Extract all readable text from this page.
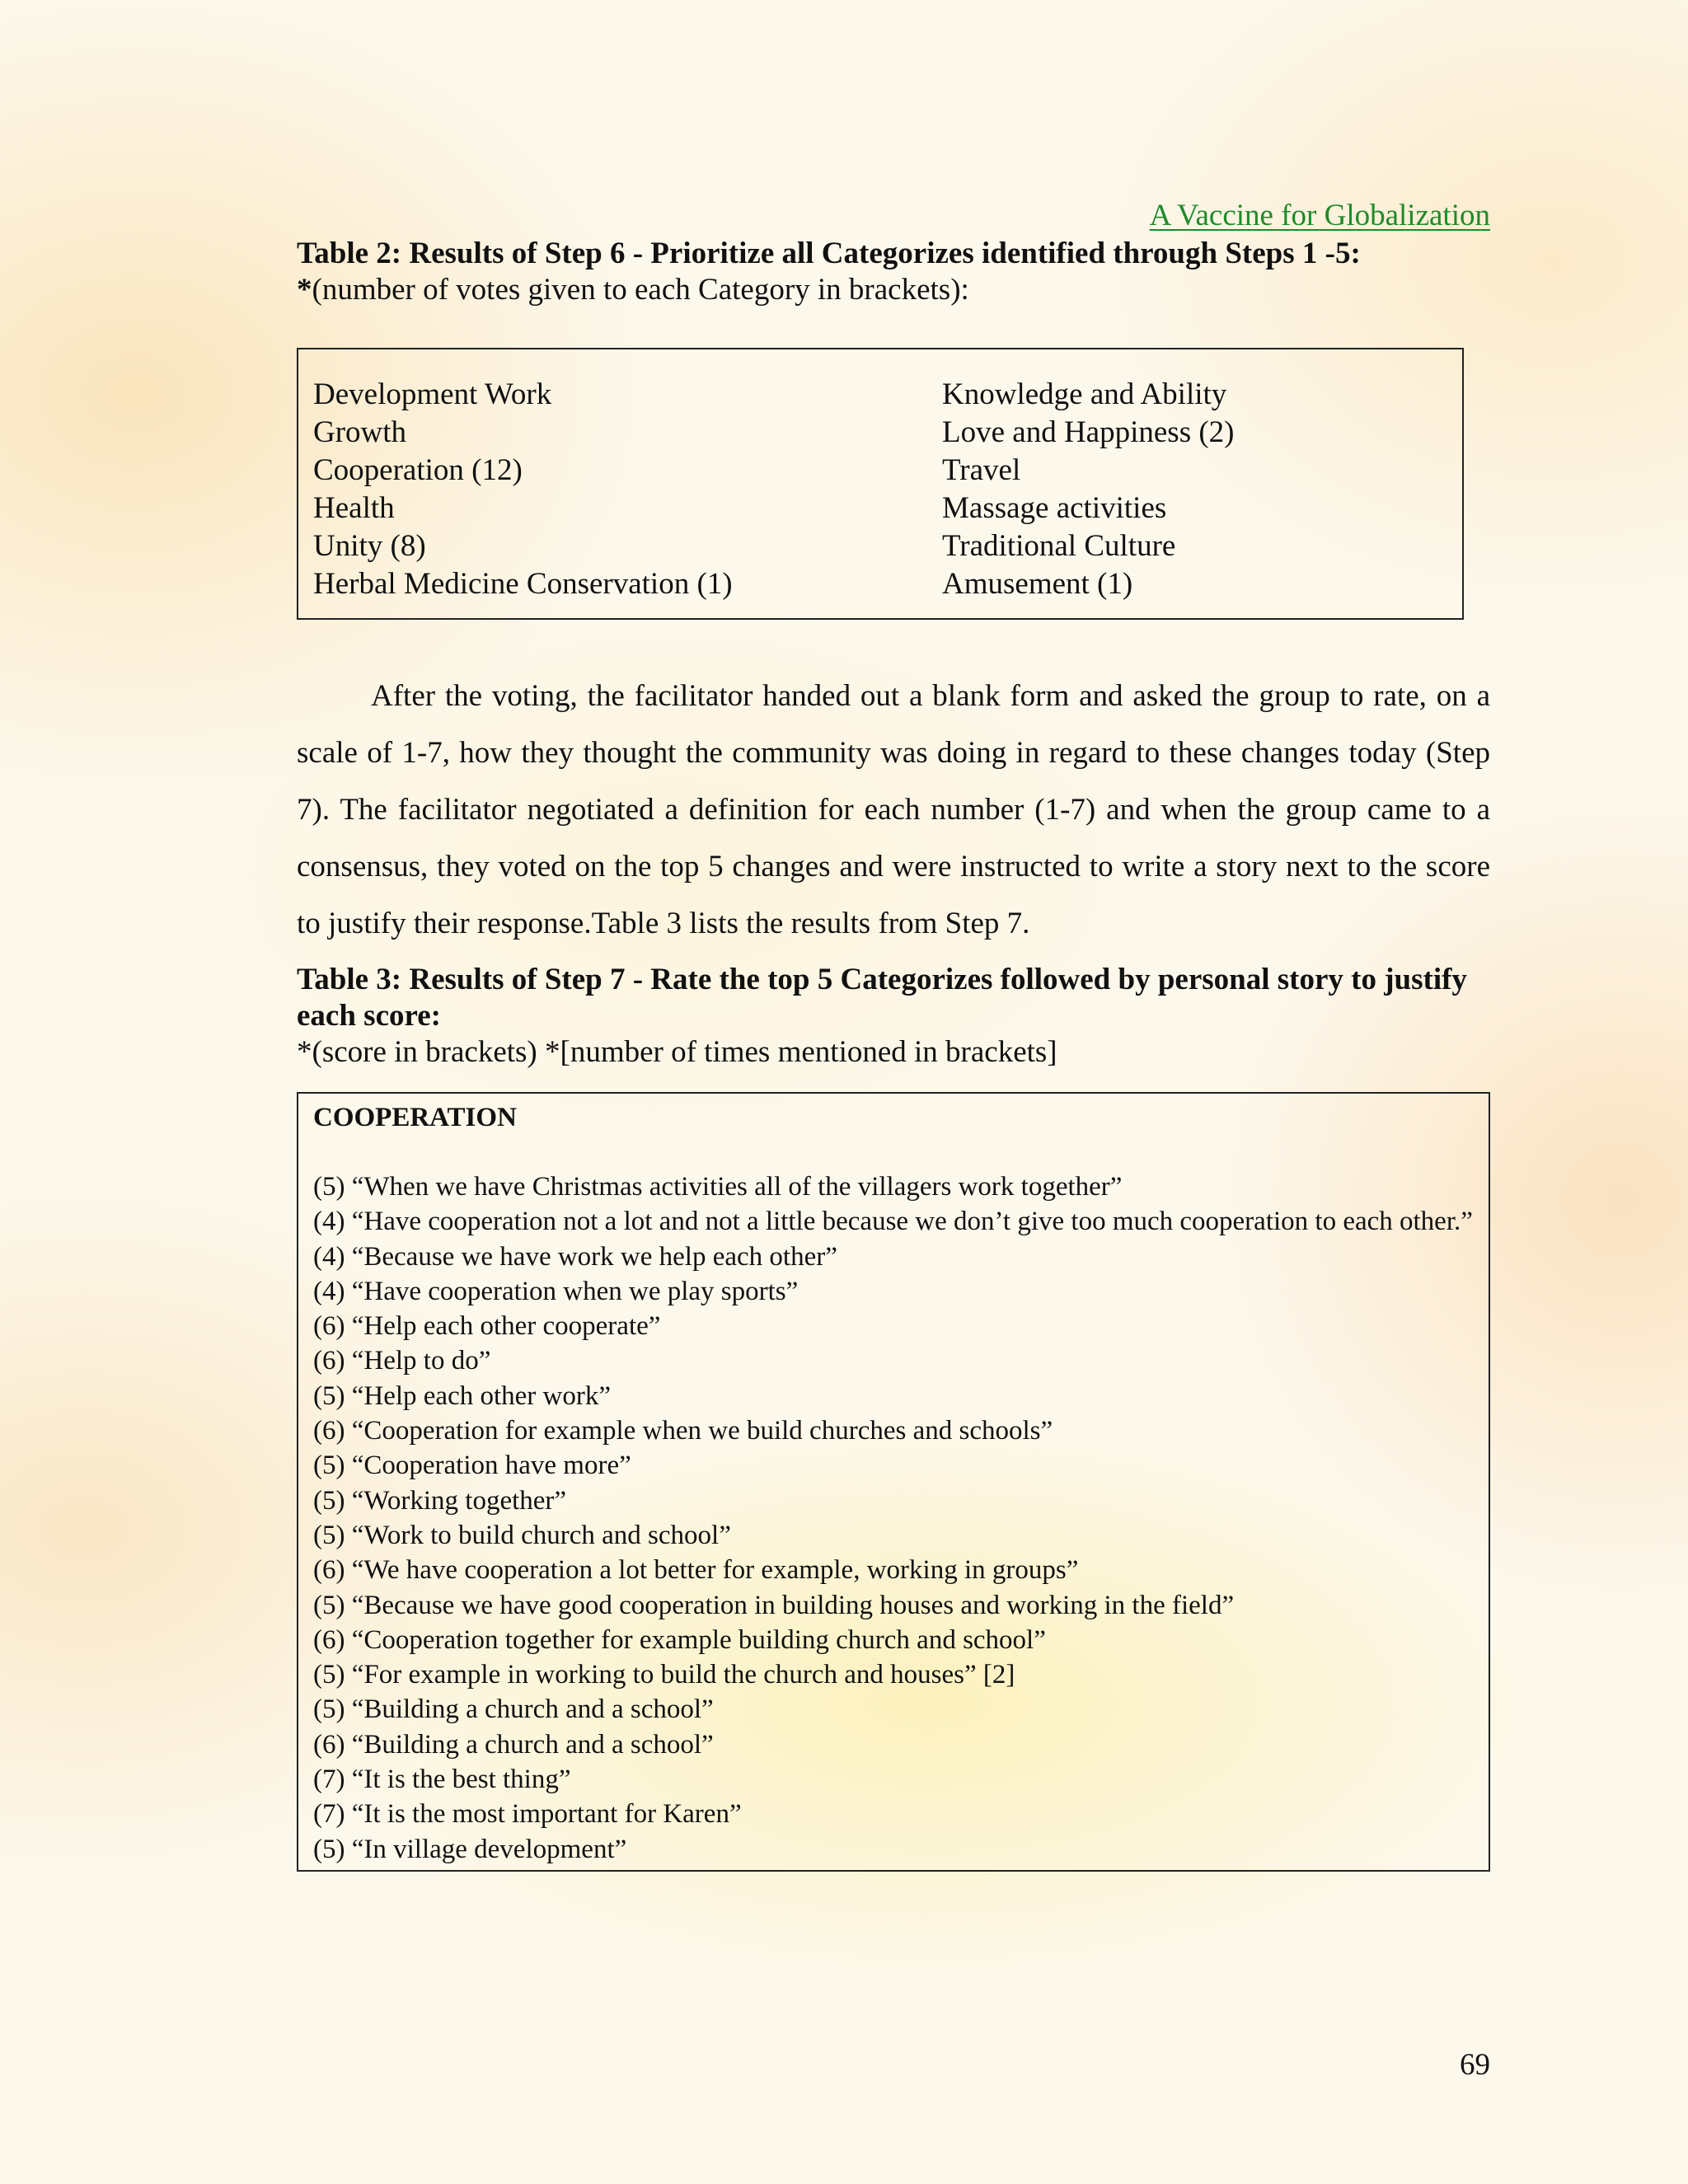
A Vaccine for Globalization
Table 2: Results of Step 6 - Prioritize all Categorizes identified through Steps 1 -5:
*(number of votes given to each Category in brackets):
Development Work
Growth
Cooperation (12)
Health
Unity (8)
Herbal Medicine Conservation (1)
Knowledge and Ability
Love and Happiness (2)
Travel
Massage activities
Traditional Culture
Amusement (1)

After the voting, the facilitator handed out a blank form and asked the group to rate, on a scale of 1-7, how they thought the community was doing in regard to these changes today (Step 7). The facilitator negotiated a definition for each number (1-7) and when the group came to a consensus, they voted on the top 5 changes and were instructed to write a story next to the score to justify their response.Table 3 lists the results from Step 7.

Table 3: Results of Step 7 - Rate the top 5 Categorizes followed by personal story to justify each score:
*(score in brackets) *[number of times mentioned in brackets]
COOPERATION
(5) “When we have Christmas activities all of the villagers work together”
(4) “Have cooperation not a lot and not a little because we don’t give too much cooperation to each other.”
(4) “Because we have work we help each other”
(4) “Have cooperation when we play sports”
(6) “Help each other cooperate”
(6) “Help to do”
(5) “Help each other work”
(6) “Cooperation for example when we build churches and schools”
(5) “Cooperation have more”
(5) “Working together”
(5) “Work to build church and school”
(6) “We have cooperation a lot better for example, working in groups”
(5) “Because we have good cooperation in building houses and working in the field”
(6) “Cooperation together for example building church and school”
(5) “For example in working to build the church and houses” [2]
(5) “Building a church and a school”
(6) “Building a church and a school”
(7) “It is the best thing”
(7) “It is the most important for Karen”
(5) “In village development”
69
